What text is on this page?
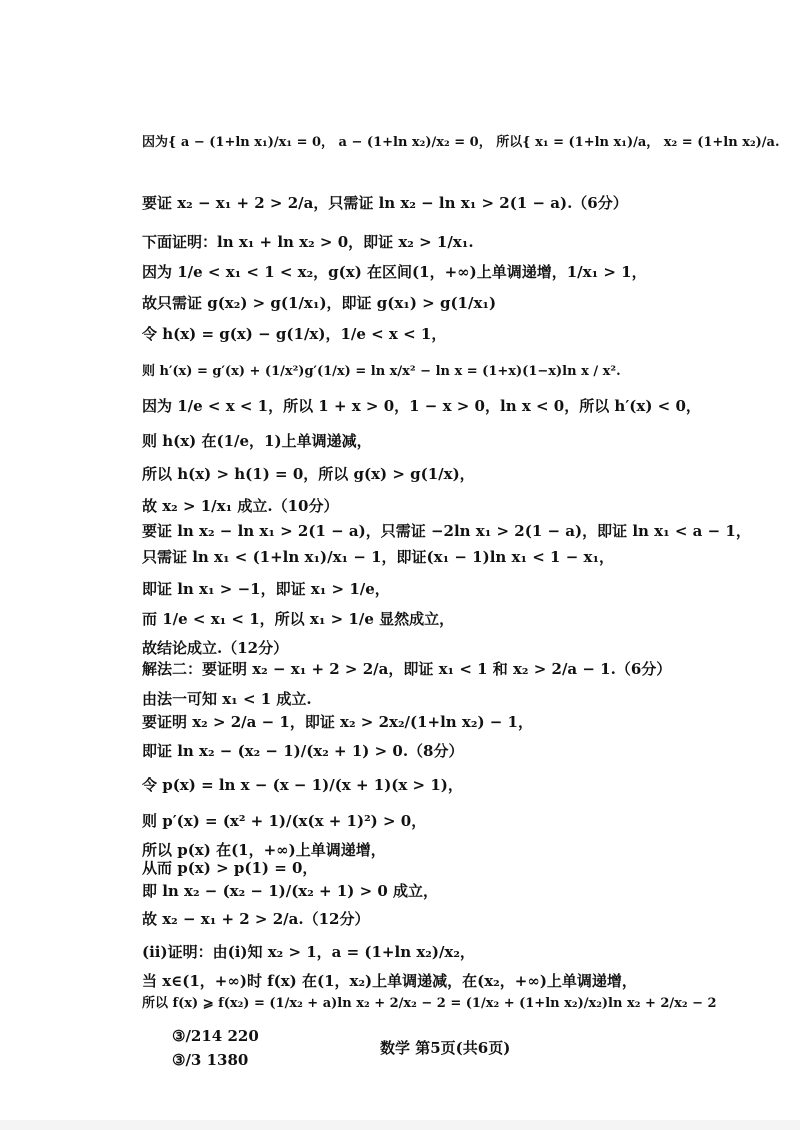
因为{ a − (1+ln x₁)/x₁ = 0， a − (1+ln x₂)/x₂ = 0， 所以{ x₁ = (1+ln x₁)/a， x₂ = (1+ln x₂)/a.
要证 x₂ − x₁ + 2 > 2/a，只需证 ln x₂ − ln x₁ > 2(1 − a).（6分）
下面证明：ln x₁ + ln x₂ > 0，即证 x₂ > 1/x₁.
因为 1/e < x₁ < 1 < x₂，g(x) 在区间(1，+∞)上单调递增，1/x₁ > 1，
故只需证 g(x₂) > g(1/x₁)，即证 g(x₁) > g(1/x₁)
令 h(x) = g(x) − g(1/x)，1/e < x < 1，
则 h′(x) = g′(x) + (1/x²)g′(1/x) = ln x/x² − ln x = (1+x)(1−x)ln x / x².
因为 1/e < x < 1，所以 1 + x > 0，1 − x > 0，ln x < 0，所以 h′(x) < 0，
则 h(x) 在(1/e，1)上单调递减，
所以 h(x) > h(1) = 0，所以 g(x) > g(1/x)，
故 x₂ > 1/x₁ 成立.（10分）
要证 ln x₂ − ln x₁ > 2(1 − a)，只需证 −2ln x₁ > 2(1 − a)，即证 ln x₁ < a − 1，
只需证 ln x₁ < (1+ln x₁)/x₁ − 1，即证(x₁ − 1)ln x₁ < 1 − x₁，
即证 ln x₁ > −1，即证 x₁ > 1/e，
而 1/e < x₁ < 1，所以 x₁ > 1/e 显然成立，
故结论成立.（12分）
解法二：要证明 x₂ − x₁ + 2 > 2/a，即证 x₁ < 1 和 x₂ > 2/a − 1.（6分）
由法一可知 x₁ < 1 成立.
要证明 x₂ > 2/a − 1，即证 x₂ > 2x₂/(1+ln x₂) − 1，
即证 ln x₂ − (x₂ − 1)/(x₂ + 1) > 0.（8分）
令 p(x) = ln x − (x − 1)/(x + 1)(x > 1)，
则 p′(x) = (x² + 1)/(x(x + 1)²) > 0，
所以 p(x) 在(1，+∞)上单调递增，
从而 p(x) > p(1) = 0，
即 ln x₂ − (x₂ − 1)/(x₂ + 1) > 0 成立，
故 x₂ − x₁ + 2 > 2/a.（12分）
(ii)证明：由(i)知 x₂ > 1，a = (1+ln x₂)/x₂，
当 x∈(1，+∞)时 f(x) 在(1，x₂)上单调递减，在(x₂，+∞)上单调递增，
所以 f(x) ⩾ f(x₂) = (1/x₂ + a)ln x₂ + 2/x₂ − 2 = (1/x₂ + (1+ln x₂)/x₂)ln x₂ + 2/x₂ − 2
③/214 220
③/3 1380
数学 第5页(共6页)
